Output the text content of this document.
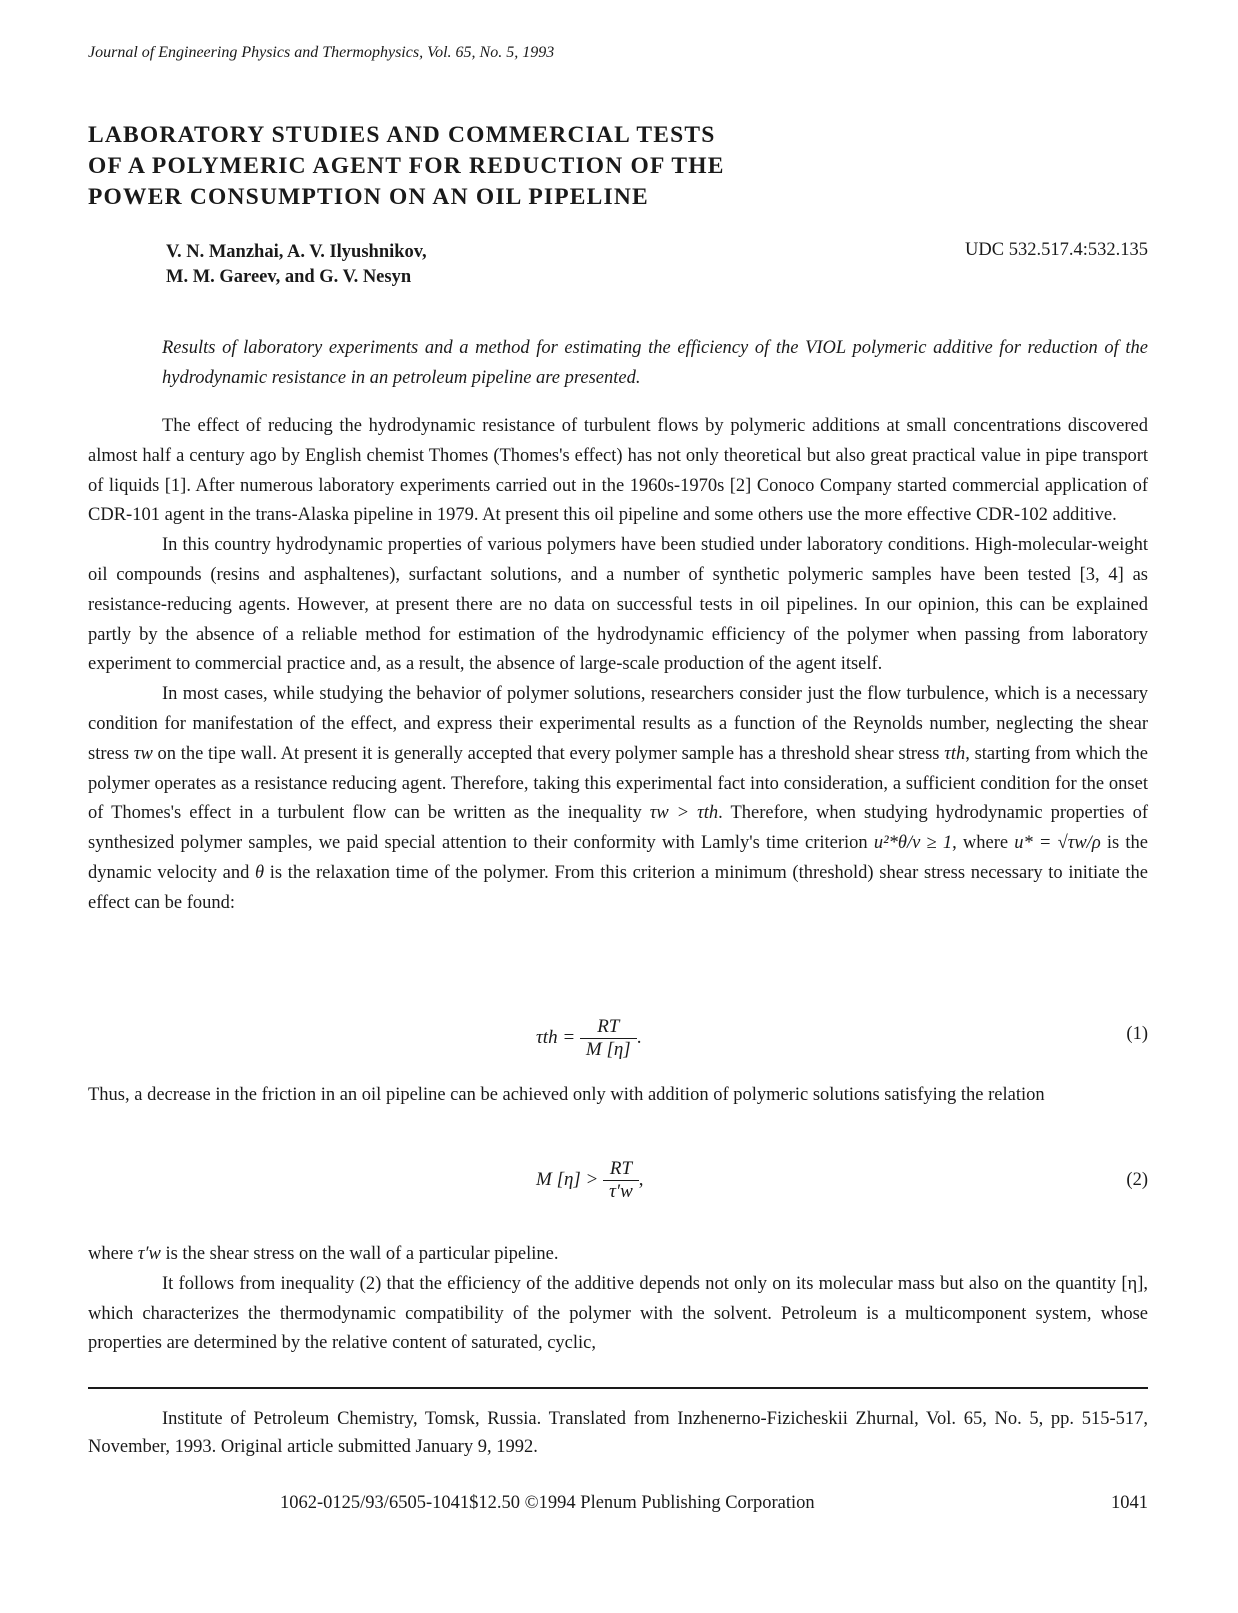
Journal of Engineering Physics and Thermophysics, Vol. 65, No. 5, 1993
LABORATORY STUDIES AND COMMERCIAL TESTS
OF A POLYMERIC AGENT FOR REDUCTION OF THE
POWER CONSUMPTION ON AN OIL PIPELINE
V. N. Manzhai, A. V. Ilyushnikov,
M. M. Gareev, and G. V. Nesyn
UDC 532.517.4:532.135
Results of laboratory experiments and a method for estimating the efficiency of the VIOL polymeric additive for reduction of the hydrodynamic resistance in an petroleum pipeline are presented.

The effect of reducing the hydrodynamic resistance of turbulent flows by polymeric additions at small concentrations discovered almost half a century ago by English chemist Thomes (Thomes's effect) has not only theoretical but also great practical value in pipe transport of liquids [1]. After numerous laboratory experiments carried out in the 1960s-1970s [2] Conoco Company started commercial application of CDR-101 agent in the trans-Alaska pipeline in 1979. At present this oil pipeline and some others use the more effective CDR-102 additive.

In this country hydrodynamic properties of various polymers have been studied under laboratory conditions. High-molecular-weight oil compounds (resins and asphaltenes), surfactant solutions, and a number of synthetic polymeric samples have been tested [3, 4] as resistance-reducing agents. However, at present there are no data on successful tests in oil pipelines. In our opinion, this can be explained partly by the absence of a reliable method for estimation of the hydrodynamic efficiency of the polymer when passing from laboratory experiment to commercial practice and, as a result, the absence of large-scale production of the agent itself.

In most cases, while studying the behavior of polymer solutions, researchers consider just the flow turbulence, which is a necessary condition for manifestation of the effect, and express their experimental results as a function of the Reynolds number, neglecting the shear stress τw on the tipe wall. At present it is generally accepted that every polymer sample has a threshold shear stress τth, starting from which the polymer operates as a resistance reducing agent. Therefore, taking this experimental fact into consideration, a sufficient condition for the onset of Thomes's effect in a turbulent flow can be written as the inequality τw > τth. Therefore, when studying hydrodynamic properties of synthesized polymer samples, we paid special attention to their conformity with Lamly's time criterion u²*θ/ν ≥ 1, where u* = √τw/ρ is the dynamic velocity and θ is the relaxation time of the polymer. From this criterion a minimum (threshold) shear stress necessary to initiate the effect can be found:

$\tau th = \frac{RT}{M [\eta]}$ .	(1)

Thus, a decrease in the friction in an oil pipeline can be achieved only with addition of polymeric solutions satisfying the relation

M $[\eta] > \frac{RT}{\tau'w}$ ,	(2)

where τ′w is the shear stress on the wall of a particular pipeline.

It follows from inequality (2) that the efficiency of the additive depends not only on its molecular mass but also on the quantity [η], which characterizes the thermodynamic compatibility of the polymer with the solvent. Petroleum is a multicomponent system, whose properties are determined by the relative content of saturated, cyclic,

Institute of Petroleum Chemistry, Tomsk, Russia. Translated from Inzhenerno-Fizicheskii Zhurnal, Vol. 65, No. 5, pp. 515-517, November, 1993. Original article submitted January 9, 1992.

1062-0125/93/6505-1041$12.50 ©1994 Plenum Publishing Corporation	1041
